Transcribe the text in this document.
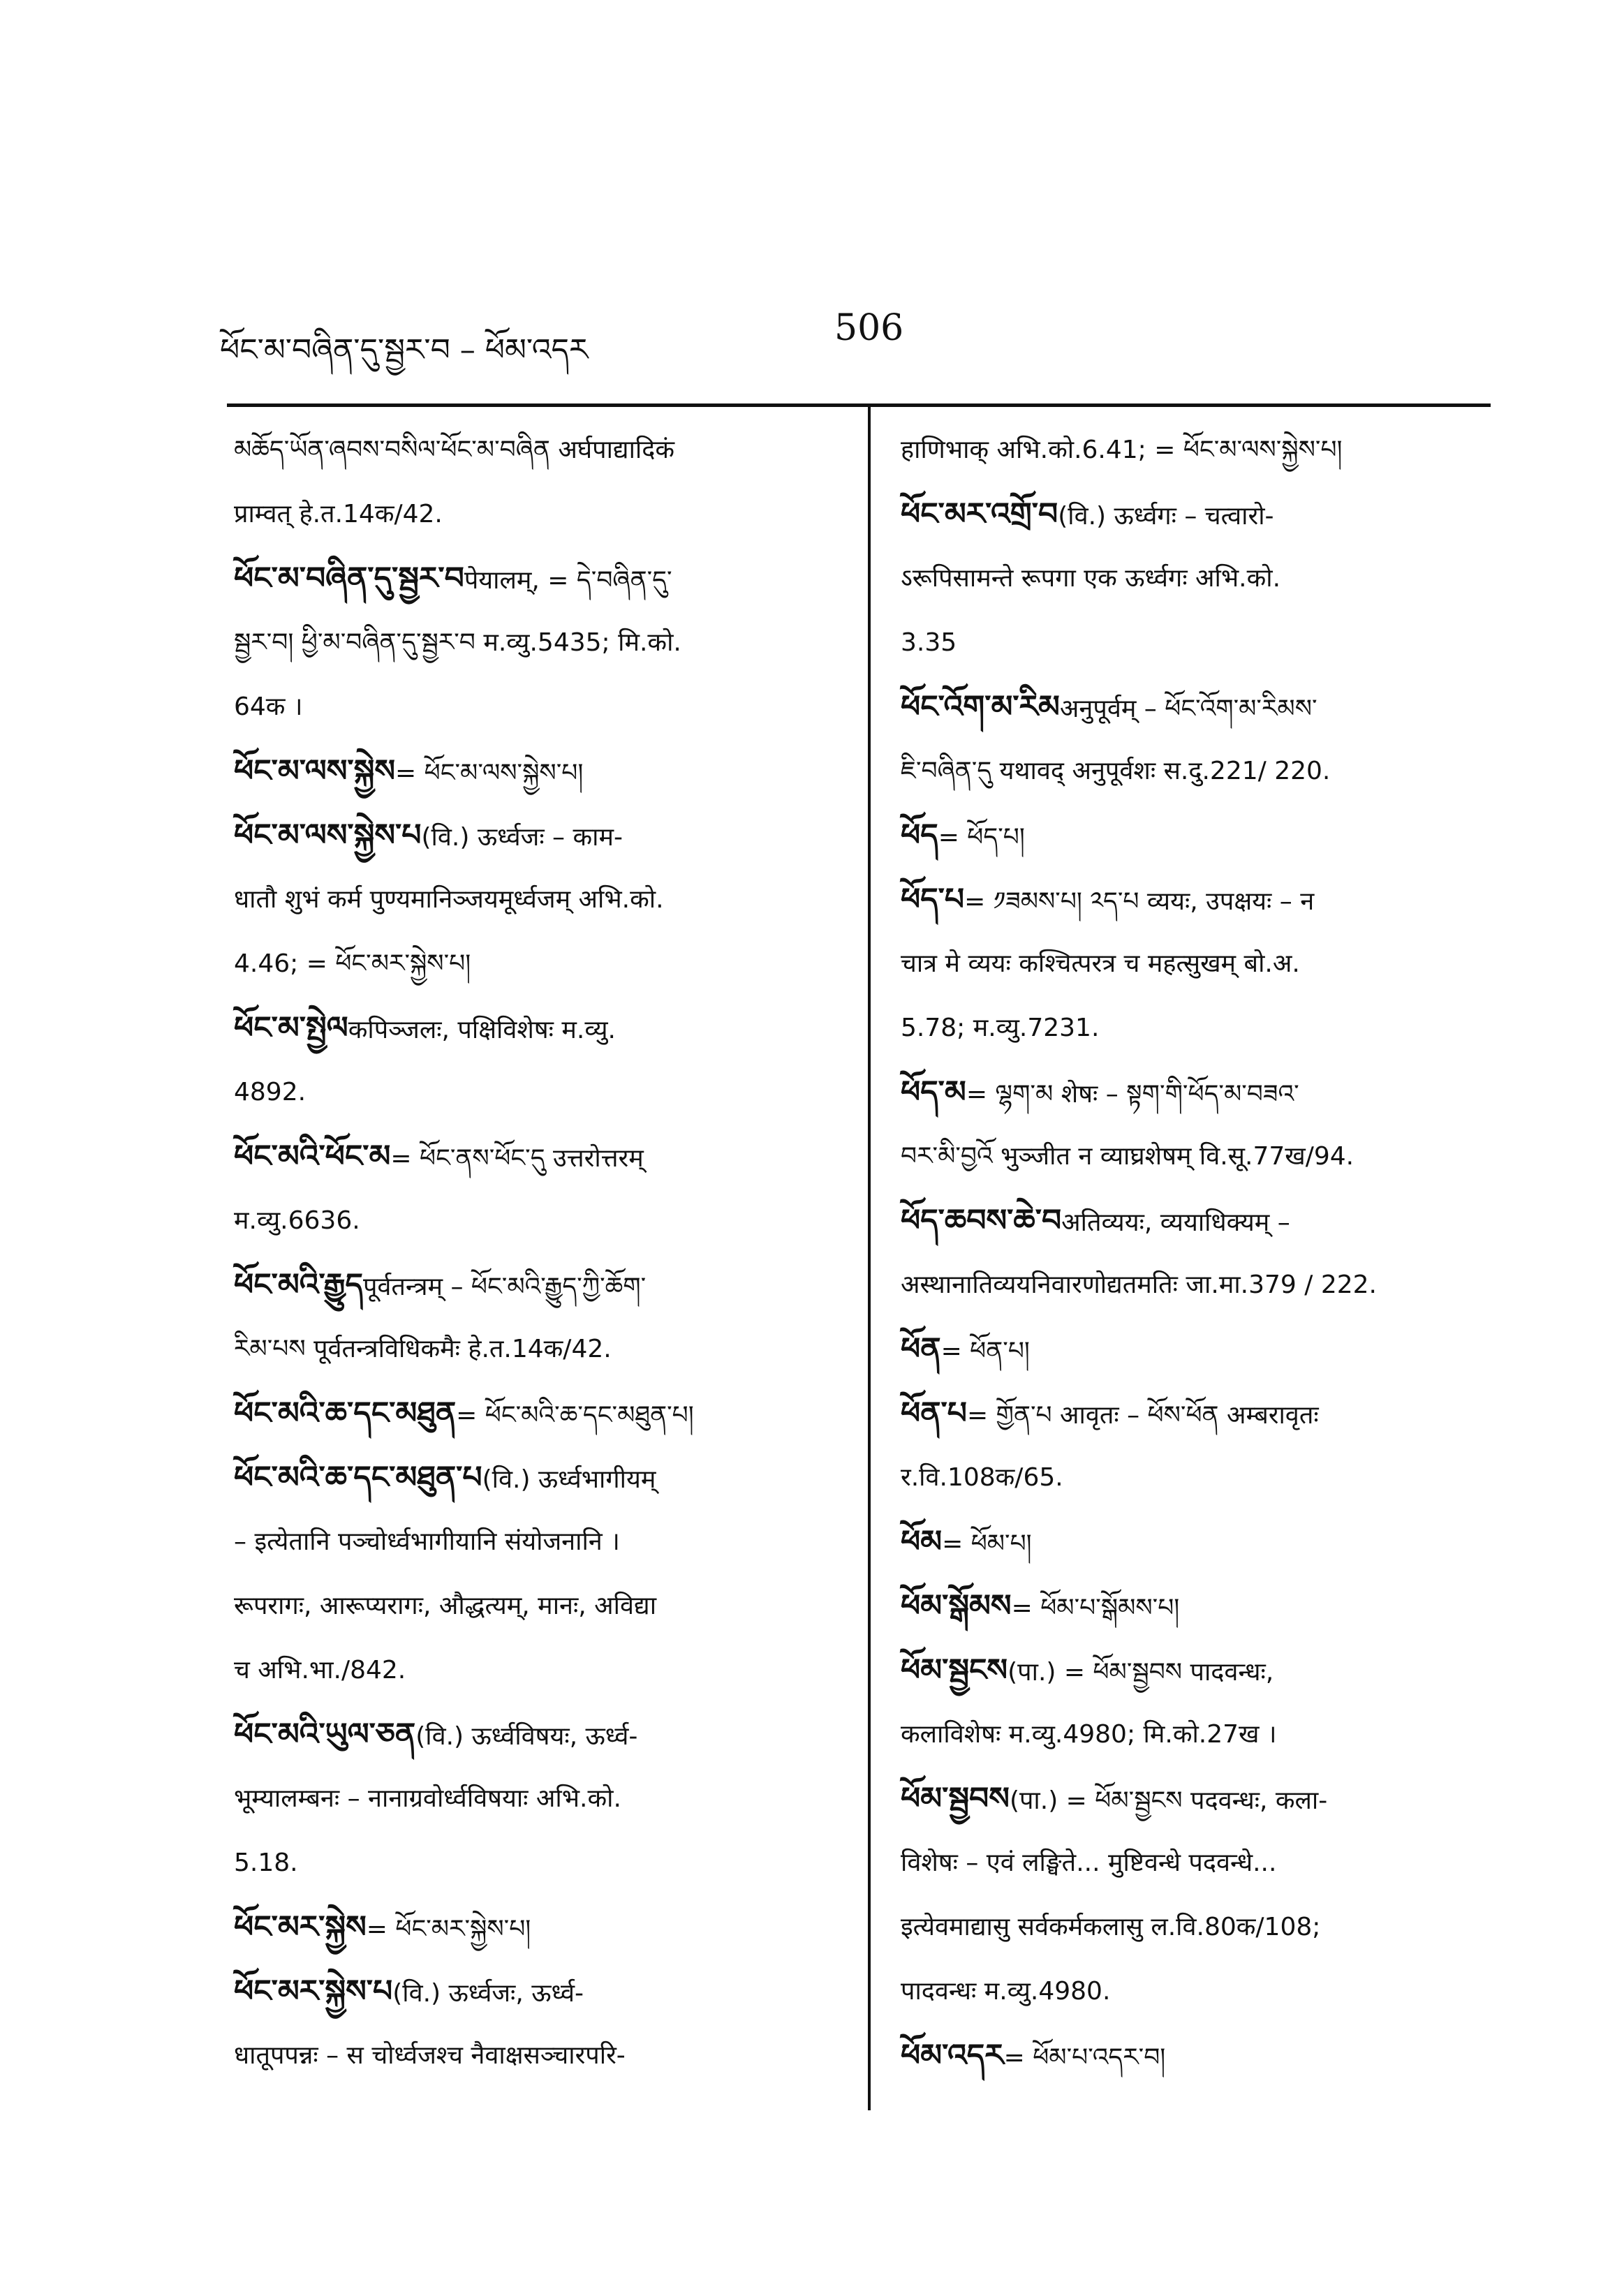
ཕོང་མ་བཞིན་དུ་སྦྱར་བ – ཕོམ་འདར
506
མཆོད་ཡོན་ཞབས་བསིལ་ཕོང་མ་བཞིན अर्घपाद्यादिकं
प्राम्वत् हे.त.14क/42.
ཕོང་མ་བཞིན་དུ་སྦྱར་བपेयालम्, = དེ་བཞིན་དུ་
སྦྱར་བ། ཕྱི་མ་བཞིན་དུ་སྦྱར་བ म.व्यु.5435; मि.को.
64क ।
ཕོང་མ་ལས་སྐྱེས= ཕོང་མ་ལས་སྐྱེས་པ།
ཕོང་མ་ལས་སྐྱེས་པ(वि.) ऊर्ध्वजः – काम-
धातौ शुभं कर्म पुण्यमानिञ्जयमूर्ध्वजम् अभि.को.
4.46; = ཕོང་མར་སྐྱེས་པ།
ཕོང་མ་སྤྱེལकपिञ्जलः, पक्षिविशेषः म.व्यु.
4892.
ཕོང་མའི་ཕོང་མ= ཕོང་ནས་ཕོང་དུ उत्तरोत्तरम्
म.व्यु.6636.
ཕོང་མའི་རྒྱུདपूर्वतन्त्रम् – ཕོང་མའི་རྒྱུད་ཀྱི་ཆོག་
རིམ་པས पूर्वतन्त्रविधिकमैः हे.त.14क/42.
ཕོང་མའི་ཆ་དང་མཐུན= ཕོང་མའི་ཆ་དང་མཐུན་པ།
ཕོང་མའི་ཆ་དང་མཐུན་པ(वि.) ऊर्ध्वभागीयम्
– इत्येतानि पञ्चोर्ध्वभागीयानि संयोजनानि ।
रूपरागः, आरूप्यरागः, औद्धत्यम्, मानः, अविद्या
च अभि.भा./842.
ཕོང་མའི་ཡུལ་ཅན(वि.) ऊर्ध्वविषयः, ऊर्ध्व-
भूम्यालम्बनः – नानाग्रवोर्ध्वविषयाः अभि.को.
5.18.
ཕོང་མར་སྐྱེས= ཕོང་མར་སྐྱེས་པ།
ཕོང་མར་སྐྱེས་པ(वि.) ऊर्ध्वजः, ऊर्ध्व-
धातूपपन्नः – स चोर्ध्वजश्च नैवाक्षसञ्चारपरि-
हाणिभाक् अभि.को.6.41; = ཕོང་མ་ལས་སྐྱེས་པ།
ཕོང་མར་འགྲོ་བ(वि.) ऊर्ध्वगः – चत्वारो-
ऽरूपिसामन्ते रूपगा एक ऊर्ध्वगः अभि.को.
3.35
ཕོང་འོག་མ་རིམअनुपूर्वम् – ཕོང་འོག་མ་རིམས་
ཇི་བཞིན་དུ यथावद् अनुपूर्वशः स.दु.221/ 220.
ཕོད= ཕོད་པ།
ཕོད་པ= ༡ཟམས་པ། ༢ད་པ व्ययः, उपक्षयः – न
चात्र मे व्ययः कश्चित्परत्र च महत्सुखम् बो.अ.
5.78; म.व्यु.7231.
ཕོད་མ= ལྷག་མ शेषः – སྟག་གི་ཕོད་མ་བཟའ་
བར་མི་བྱའོ भुञ्जीत न व्याघ्रशेषम् वि.सू.77ख/94.
ཕོད་ཆབས་ཆེ་བअतिव्ययः, व्ययाधिक्यम् –
अस्थानातिव्ययनिवारणोद्यतमतिः जा.मा.379 / 222.
ཕོན= ཕོན་པ།
ཕོན་པ= གྱོན་པ आवृतः – ཕོས་ཕོན अम्बरावृतः
र.वि.108क/65.
ཕོམ= ཕོམ་པ།
ཕོམ་སྒོམས= ཕོམ་པ་སྒོམས་པ།
ཕོམ་སྦྱངས(पा.) = ཕོམ་སྦྱབས पादवन्धः,
कलाविशेषः म.व्यु.4980; मि.को.27ख ।
ཕོམ་སྦྱབས(पा.) = ཕོམ་སྦྱངས पदवन्धः, कला-
विशेषः – एवं लङ्घिते... मुष्टिवन्धे पदवन्धे...
इत्येवमाद्यासु सर्वकर्मकलासु ल.वि.80क/108;
पादवन्धः म.व्यु.4980.
ཕོམ་འདར= ཕོམ་པ་འདར་བ།
